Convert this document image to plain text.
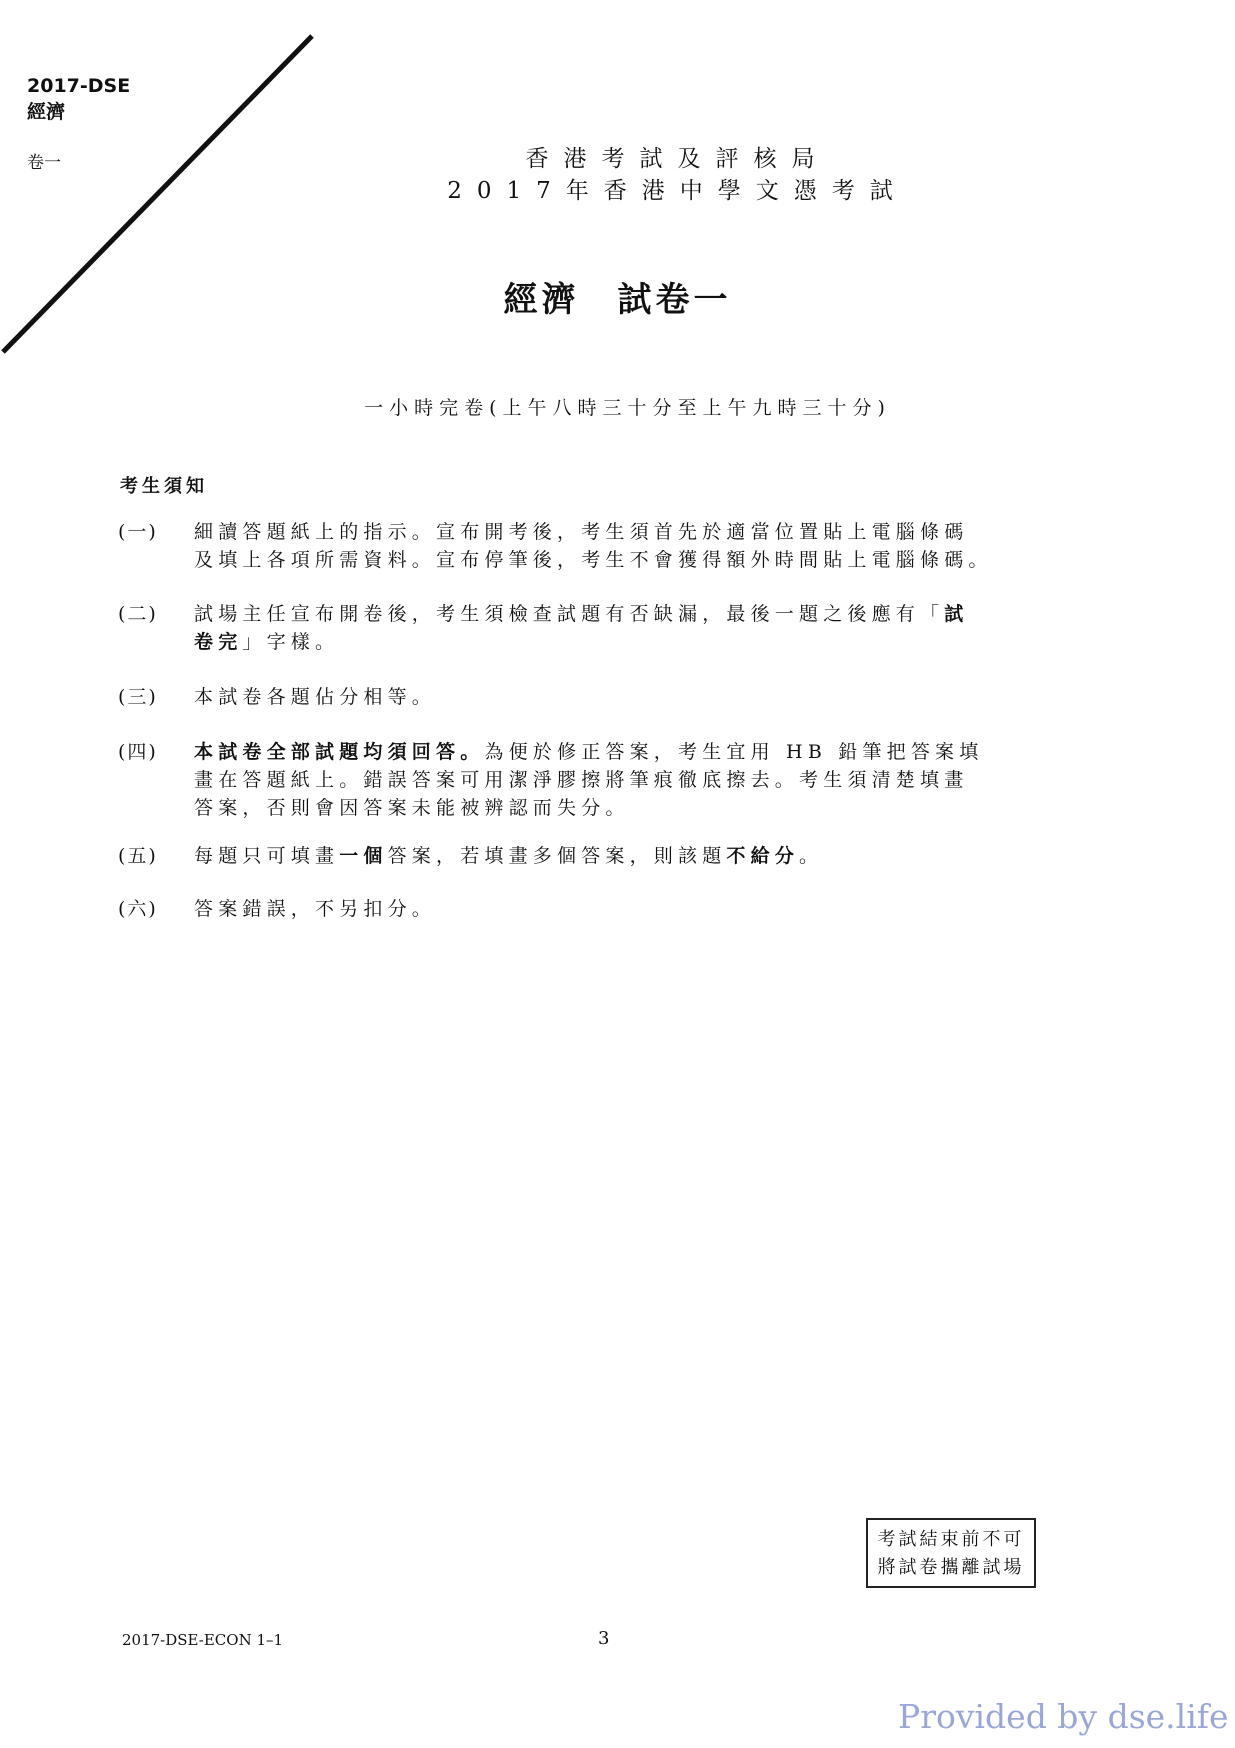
2017-DSE
經濟
卷一	香港考試及評核局
2017年香港中學文憑考試
經濟　試卷一
一小時完卷(上午八時三十分至上午九時三十分)
考生須知
(一)	細讀答題紙上的指示。宣布開考後，考生須首先於適當位置貼上電腦條碼
及填上各項所需資料。宣布停筆後，考生不會獲得額外時間貼上電腦條碼。
(二)	試場主任宣布開卷後，考生須檢查試題有否缺漏，最後一題之後應有「試
卷完」字樣。
(三)	本試卷各題佔分相等。
(四)	本試卷全部試題均須回答。為便於修正答案，考生宜用 HB 鉛筆把答案填
畫在答題紙上。錯誤答案可用潔淨膠擦將筆痕徹底擦去。考生須清楚填畫
答案，否則會因答案未能被辨認而失分。
(五)	每題只可填畫一個答案，若填畫多個答案，則該題不給分。
(六)	答案錯誤，不另扣分。
考試結束前不可
將試卷攜離試場
2017-DSE-ECON 1–1	3
Provided by dse.life
